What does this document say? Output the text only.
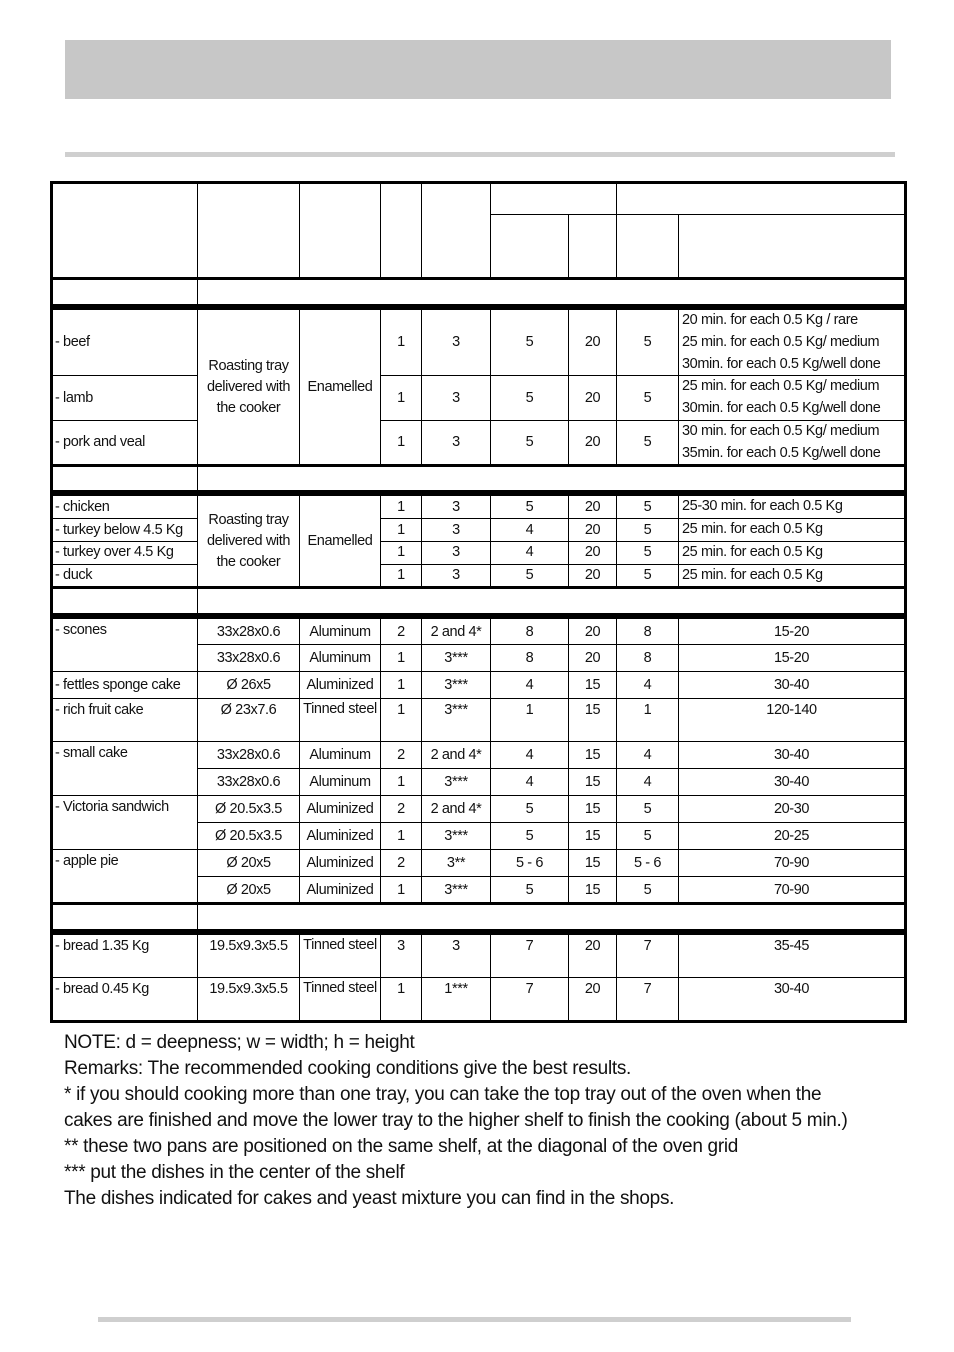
- beef	Roasting tray delivered with the cooker	Enamelled	1	3	5	20	5	20 min. for each 0.5 Kg / rare
25 min. for each 0.5 Kg/ medium
30min. for each 0.5 Kg/well done

- lamb			1	3	5	20	5	25 min. for each 0.5 Kg/ medium
30min. for each 0.5 Kg/well done

- pork and veal			1	3	5	20	5	30 min. for each 0.5 Kg/ medium
35min. for each 0.5 Kg/well done

- chicken	Roasting tray delivered with the cooker	Enamelled	1	3	5	20	5	25-30 min. for each 0.5 Kg
- turkey below 4.5 Kg			1	3	4	20	5	25 min. for each 0.5 Kg
- turkey over 4.5 Kg			1	3	4	20	5	25 min. for each 0.5 Kg
- duck			1	3	5	20	5	25 min. for each 0.5 Kg

- scones	33x28x0.6	Aluminum	2	2 and 4*	8	20	8	15-20
	33x28x0.6	Aluminum	1	3***	8	20	8	15-20
- fettles sponge cake	Ø 26x5	Aluminized	1	3***	4	15	4	30-40
- rich fruit cake	Ø 23x7.6	Tinned steel	1	3***	1	15	1	120-140
- small cake	33x28x0.6	Aluminum	2	2 and 4*	4	15	4	30-40
	33x28x0.6	Aluminum	1	3***	4	15	4	30-40
- Victoria sandwich	Ø 20.5x3.5	Aluminized	2	2 and 4*	5	15	5	20-30
	Ø 20.5x3.5	Aluminized	1	3***	5	15	5	20-25
- apple pie	Ø 20x5	Aluminized	2	3**	5 - 6	15	5 - 6	70-90
	Ø 20x5	Aluminized	1	3***	5	15	5	70-90

- bread 1.35 Kg	19.5x9.3x5.5	Tinned steel	3	3	7	20	7	35-45
- bread 0.45 Kg	19.5x9.3x5.5	Tinned steel	1	1***	7	20	7	30-40
NOTE: d = deepness; w = width; h = height
Remarks: The recommended cooking conditions give the best results.
* if you should cooking more than one tray, you can take the top tray out of the oven when the
cakes are finished and move the lower tray to the higher shelf to finish the cooking (about 5 min.)
** these two pans are positioned on the same shelf, at the diagonal of the oven grid
*** put the dishes in the center of the shelf
The dishes indicated for cakes and yeast mixture you can find in the shops.
